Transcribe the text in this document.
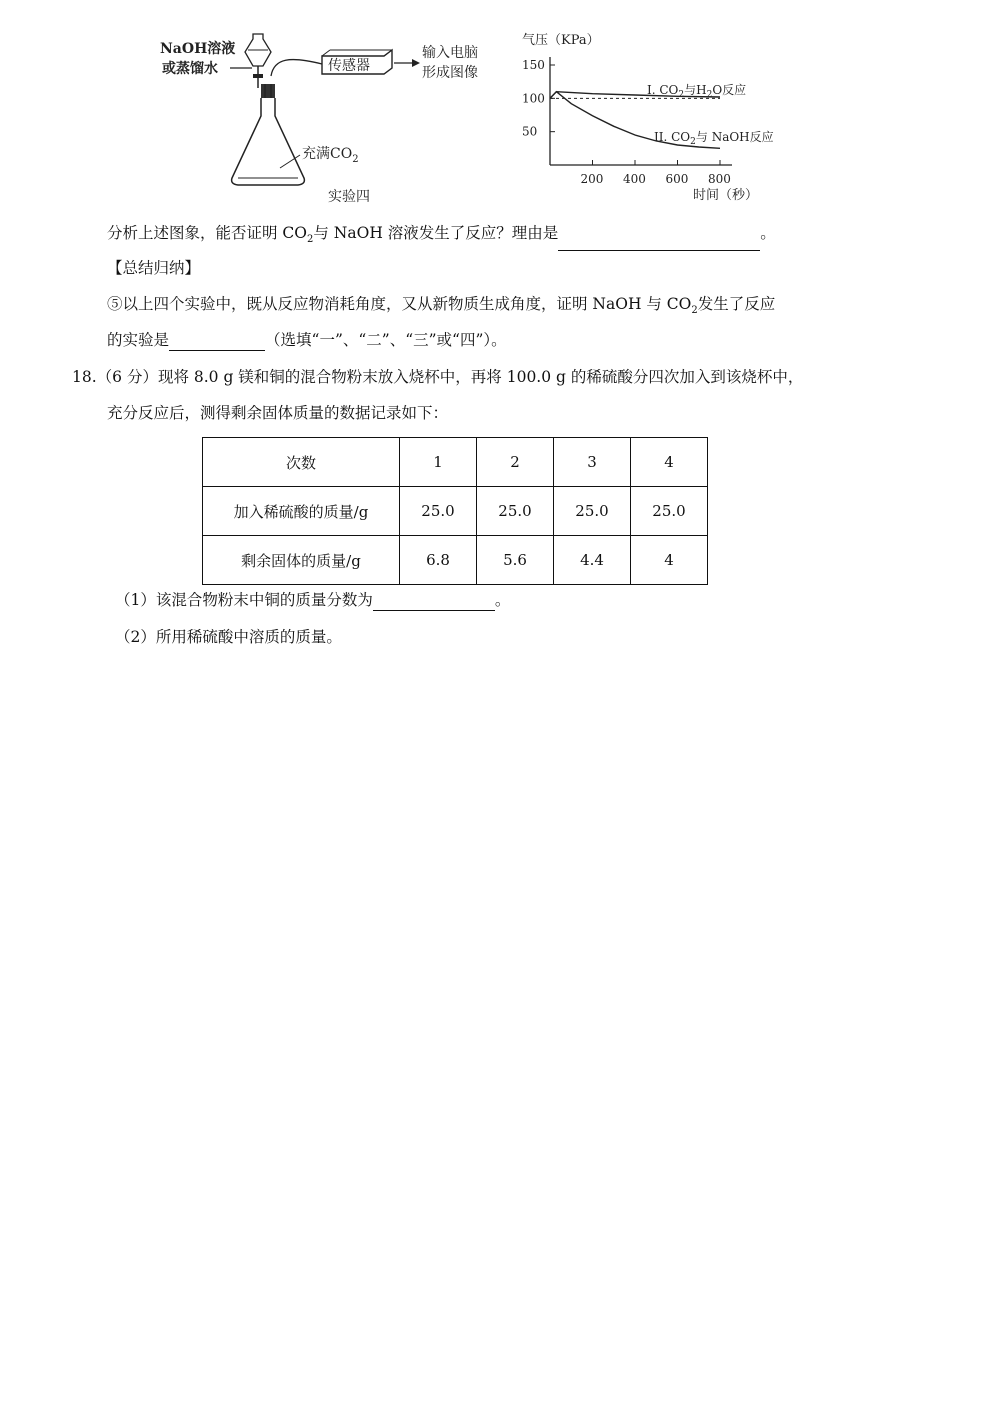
NaOH溶液
或蒸馏水
充满$CO_2$
实验四
传感器
输入电脑
形成图像
气压（KPa）
时间（秒）
200 400 600 800
50
100
150
I. $CO_2$与$H_2O$反应
II. $CO_2$与 NaOH反应
分析上述图象，能否证明 $CO_2$与 NaOH 溶液发生了反应？理由是	。
【总结归纳】
⑤以上四个实验中，既从反应物消耗角度，又从新物质生成角度，证明 NaOH 与 $CO_2$发生了反应
的实验是	（选填“一”、“二”、“三”或“四”）。
18.（6 分）现将 8.0 g 镁和铜的混合物粉末放入烧杯中，再将 100.0 g 的稀硫酸分四次加入到该烧杯中，
充分反应后，测得剩余固体质量的数据记录如下：
次数	1	2	3	4
加入稀硫酸的质量/g	25.0	25.0	25.0	25.0
剩余固体的质量/g	6.8	5.6	4.4	4
（1）该混合物粉末中铜的质量分数为	。
（2）所用稀硫酸中溶质的质量。
